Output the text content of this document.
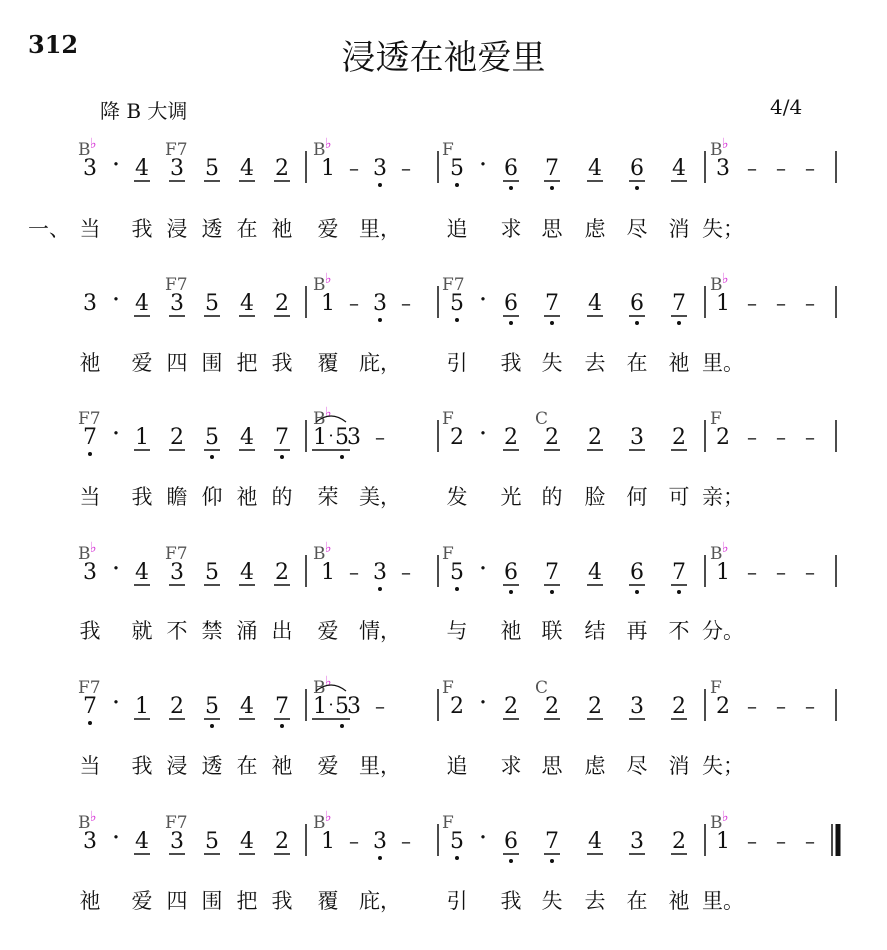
312	浸透在祂爱里
降 B 大调	4/4
B ♭	F7	B ♭	F	B ♭
3 · 4 3 5 4 2 1 – 3 – 5 · 6 7 4 6 4 3 – – –
一、 当 我 浸 透 在 祂 爱 里， 追 求 思 虑 尽 消 失；
F7	B ♭	F7	B ♭
3 · 4 3 5 4 2 1 – 3 – 5 · 6 7 4 6 7 1 – – –
祂 爱 四 围 把 我 覆 庇， 引 我 失 去 在 祂 里。
F7	B ♭	F	C	F
7 · 1 2 5 4 7 1 · 5
3 –	2 · 2 2 2 3 2 2 – – –
当 我 瞻 仰 祂 的 荣 美， 发 光 的 脸 何 可 亲；
B ♭	F7	B ♭	F	B ♭
3 · 4 3 5 4 2 1 – 3 – 5 · 6 7 4 6 7 1 – – –
我 就 不 禁 涌 出 爱 情， 与 祂 联 结 再 不 分。
F7	B ♭	F	C	F
7 · 1 2 5 4 7 1 · 5
3 –	2 · 2 2 2 3 2 2 – – –
当 我 浸 透 在 祂 爱 里， 追 求 思 虑 尽 消 失；
B ♭	F7	B ♭	F	B ♭
3 · 4 3 5 4 2 1 – 3 – 5 · 6 7 4 3 2 1 – – –
祂 爱 四 围 把 我 覆 庇， 引 我 失 去 在 祂 里。
